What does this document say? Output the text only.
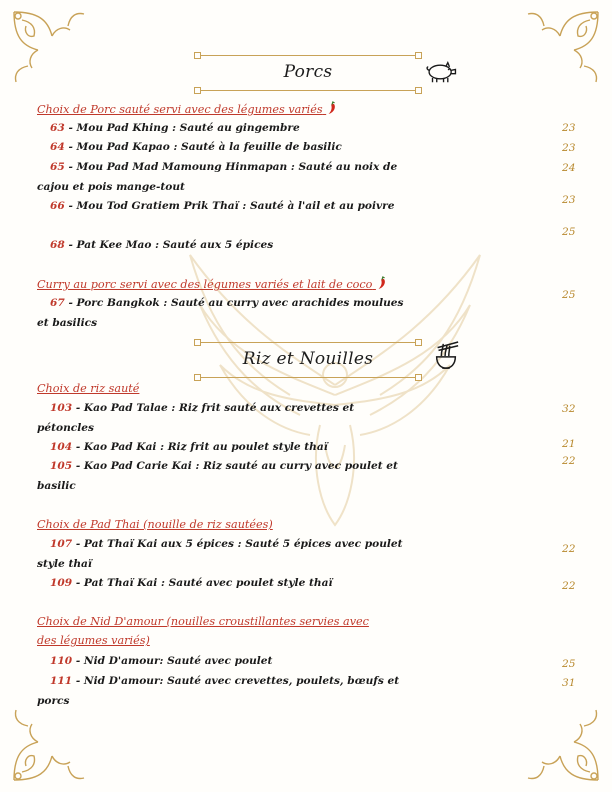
Porcs
Choix de Porc sauté servi avec des légumes variés
63 - Mou Pad Khing : Sauté au gingembre
64 - Mou Pad Kapao : Sauté à la feuille de basilic
65 - Mou Pad Mad Mamoung Hinmapan : Sauté au noix de cajou et pois mange-tout
66 - Mou Tod Gratiem Prik Thaï : Sauté à l'ail et au poivre
68 - Pat Kee Mao : Sauté aux 5 épices
Curry au porc servi avec des légumes variés et lait de coco
67 - Porc Bangkok : Sauté au curry avec arachides moulues et basilics
Riz et Nouilles
Choix de riz sauté
103 - Kao Pad Talae : Riz frit sauté aux crevettes et pétoncles
104 - Kao Pad Kai : Riz frit au poulet style thaï
105 - Kao Pad Carie Kai : Riz sauté au curry avec poulet et basilic
Choix de Pad Thai (nouille de riz sautées)
107 - Pat Thaï Kai aux 5 épices : Sauté 5 épices avec poulet style thaï
109 - Pat Thaï Kai : Sauté avec poulet style thaï
Choix de Nid D'amour (nouilles croustillantes servies avec
des légumes variés)
110 - Nid D'amour: Sauté avec poulet
111 - Nid D'amour: Sauté avec crevettes, poulets, bœufs et porcs
23
23
24
23
25
25
32
21
22
22
22
25
31
